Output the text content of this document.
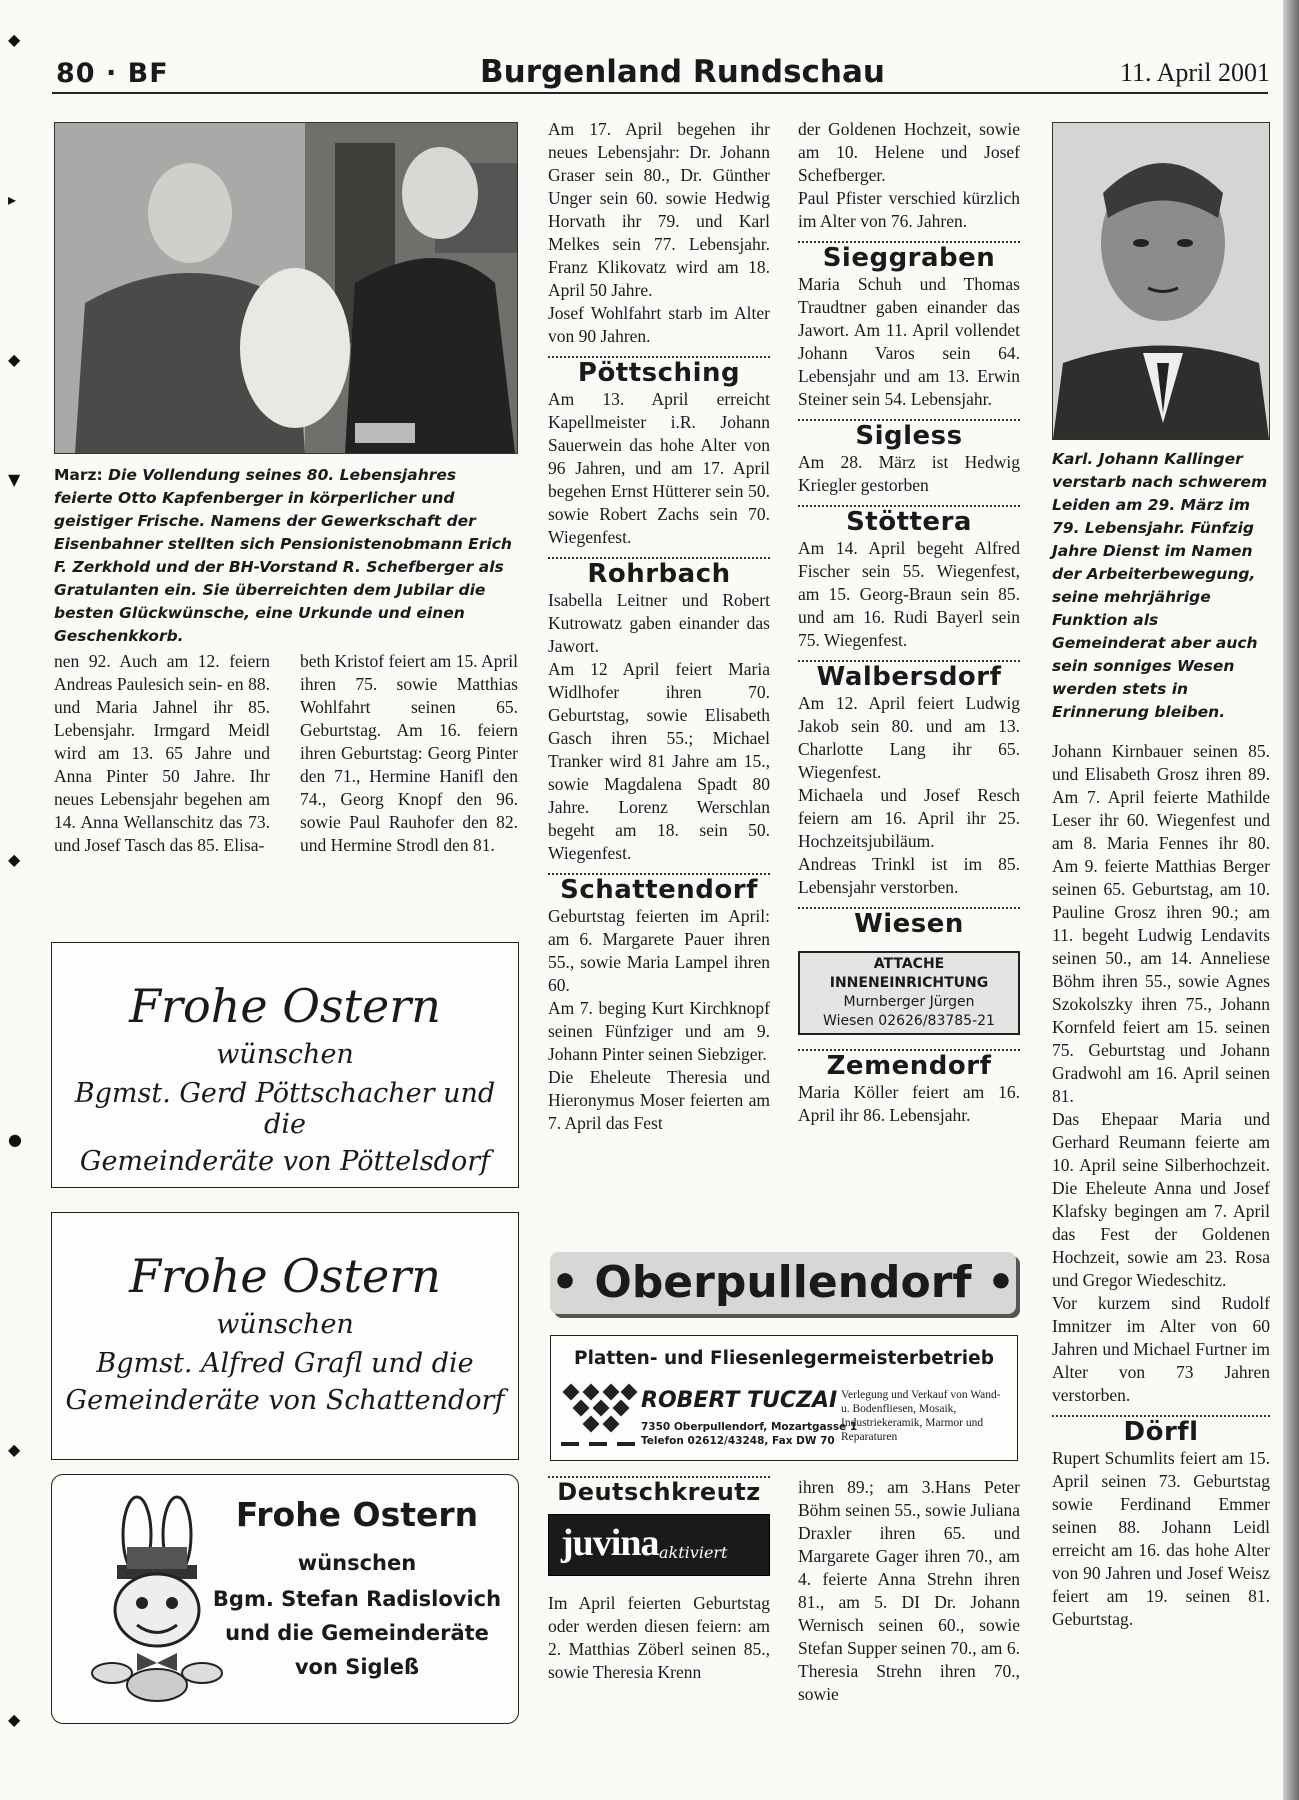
◆
▸
◆
▼
◆
●
◆
◆
80 · BF	Burgenland Rundschau	11. April 2001

Marz: Die Vollendung seines 80. Lebensjahres feierte Otto Kapfenberger in körperlicher und geistiger Frische. Namens der Gewerkschaft der Eisenbahner stellten sich Pensionistenobmann Erich F. Zerkhold und der BH-Vorstand R. Schefberger als Gratulanten ein. Sie überreichten dem Jubilar die besten Glückwünsche, eine Urkunde und einen Geschenkkorb.

nen 92. Auch am 12. feiern Andreas Paulesich sein- en 88. und Maria Jahnel ihr 85. Lebensjahr. Irmgard Meidl wird am 13. 65 Jahre und Anna Pinter 50 Jahre. Ihr neues Lebensjahr begehen am 14. Anna Wellanschitz das 73. und Josef Tasch das 85. Elisa-

beth Kristof feiert am 15. April ihren 75. sowie Matthias Wohlfahrt seinen 65. Geburtstag. Am 16. feiern ihren Geburtstag: Georg Pinter den 71., Hermine Hanifl den 74., Georg Knopf den 96. sowie Paul Rauhofer den 82. und Hermine Strodl den 81.

Frohe Ostern
wünschen
Bgmst. Gerd Pöttschacher und die
Gemeinderäte von Pöttelsdorf
Frohe Ostern
wünschen
Bgmst. Alfred Grafl und die
Gemeinderäte von Schattendorf
Frohe Ostern
wünschen
Bgm. Stefan Radislovich
und die Gemeinderäte
von Sigleß

Am 17. April begehen ihr neues Lebensjahr: Dr. Johann Graser sein 80., Dr. Günther Unger sein 60. sowie Hedwig Horvath ihr 79. und Karl Melkes sein 77. Lebensjahr. Franz Klikovatz wird am 18. April 50 Jahre.

Josef Wohlfahrt starb im Alter von 90 Jahren.

Pöttsching

Am 13. April erreicht Kapellmeister i.R. Johann Sauerwein das hohe Alter von 96 Jahren, und am 17. April begehen Ernst Hütterer sein 50. sowie Robert Zachs sein 70. Wiegenfest.

Rohrbach

Isabella Leitner und Robert Kutrowatz gaben einander das Jawort.

Am 12 April feiert Maria Widlhofer ihren 70. Geburtstag, sowie Elisabeth Gasch ihren 55.; Michael Tranker wird 81 Jahre am 15., sowie Magdalena Spadt 80 Jahre. Lorenz Werschlan begeht am 18. sein 50. Wiegenfest.

Schattendorf

Geburtstag feierten im April: am 6. Margarete Pauer ihren 55., sowie Maria Lampel ihren 60.

Am 7. beging Kurt Kirchknopf seinen Fünfziger und am 9. Johann Pinter seinen Siebziger.

Die Eheleute Theresia und Hieronymus Moser feierten am 7. April das Fest

der Goldenen Hochzeit, sowie am 10. Helene und Josef Schefberger.

Paul Pfister verschied kürzlich im Alter von 76. Jahren.

Sieggraben

Maria Schuh und Thomas Traudtner gaben einander das Jawort. Am 11. April vollendet Johann Varos sein 64. Lebensjahr und am 13. Erwin Steiner sein 54. Lebensjahr.

Sigless

Am 28. März ist Hedwig Kriegler gestorben

Stöttera

Am 14. April begeht Alfred Fischer sein 55. Wiegenfest, am 15. Georg-Braun sein 85. und am 16. Rudi Bayerl sein 75. Wiegenfest.

Walbersdorf

Am 12. April feiert Ludwig Jakob sein 80. und am 13. Charlotte Lang ihr 65. Wiegenfest.

Michaela und Josef Resch feiern am 16. April ihr 25. Hochzeitsjubiläum.

Andreas Trinkl ist im 85. Lebensjahr verstorben.

Wiesen
ATTACHE INNENEINRICHTUNG
Murnberger Jürgen
Wiesen 02626/83785-21
Zemendorf

Maria Köller feiert am 16. April ihr 86. Lebensjahr.

• Oberpullendorf •
Platten- und Fliesenlegermeisterbetrieb
ROBERT TUCZAI
7350 Oberpullendorf, Mozartgasse 1
Telefon 02612/43248, Fax DW 70
Verlegung und Verkauf von Wand- u. Bodenfliesen, Mosaik, Industriekeramik, Marmor und Reparaturen
Deutschkreutz
juvina aktiviert

Im April feierten Geburtstag oder werden diesen feiern: am 2. Matthias Zöberl seinen 85., sowie Theresia Krenn

ihren 89.; am 3.Hans Peter Böhm seinen 55., sowie Juliana Draxler ihren 65. und Margarete Gager ihren 70., am 4. feierte Anna Strehn ihren 81., am 5. DI Dr. Johann Wernisch seinen 60., sowie Stefan Supper seinen 70., am 6. Theresia Strehn ihren 70., sowie

Karl. Johann Kallinger verstarb nach schwerem Leiden am 29. März im 79. Lebensjahr. Fünfzig Jahre Dienst im Namen der Arbeiterbewegung, seine mehrjährige Funktion als Gemeinderat aber auch sein sonniges Wesen werden stets in Erinnerung bleiben.

Johann Kirnbauer seinen 85. und Elisabeth Grosz ihren 89. Am 7. April feierte Mathilde Leser ihr 60. Wiegenfest und am 8. Maria Fennes ihr 80. Am 9. feierte Matthias Berger seinen 65. Geburtstag, am 10. Pauline Grosz ihren 90.; am 11. begeht Ludwig Lendavits seinen 50., am 14. Anneliese Böhm ihren 55., sowie Agnes Szokolszky ihren 75., Johann Kornfeld feiert am 15. seinen 75. Geburtstag und Johann Gradwohl am 16. April seinen 81.

Das Ehepaar Maria und Gerhard Reumann feierte am 10. April seine Silberhochzeit. Die Eheleute Anna und Josef Klafsky begingen am 7. April das Fest der Goldenen Hochzeit, sowie am 23. Rosa und Gregor Wiedeschitz.

Vor kurzem sind Rudolf Imnitzer im Alter von 60 Jahren und Michael Furtner im Alter von 73 Jahren verstorben.

Dörfl

Rupert Schumlits feiert am 15. April seinen 73. Geburtstag sowie Ferdinand Emmer seinen 88. Johann Leidl erreicht am 16. das hohe Alter von 90 Jahren und Josef Weisz feiert am 19. seinen 81. Geburtstag.
